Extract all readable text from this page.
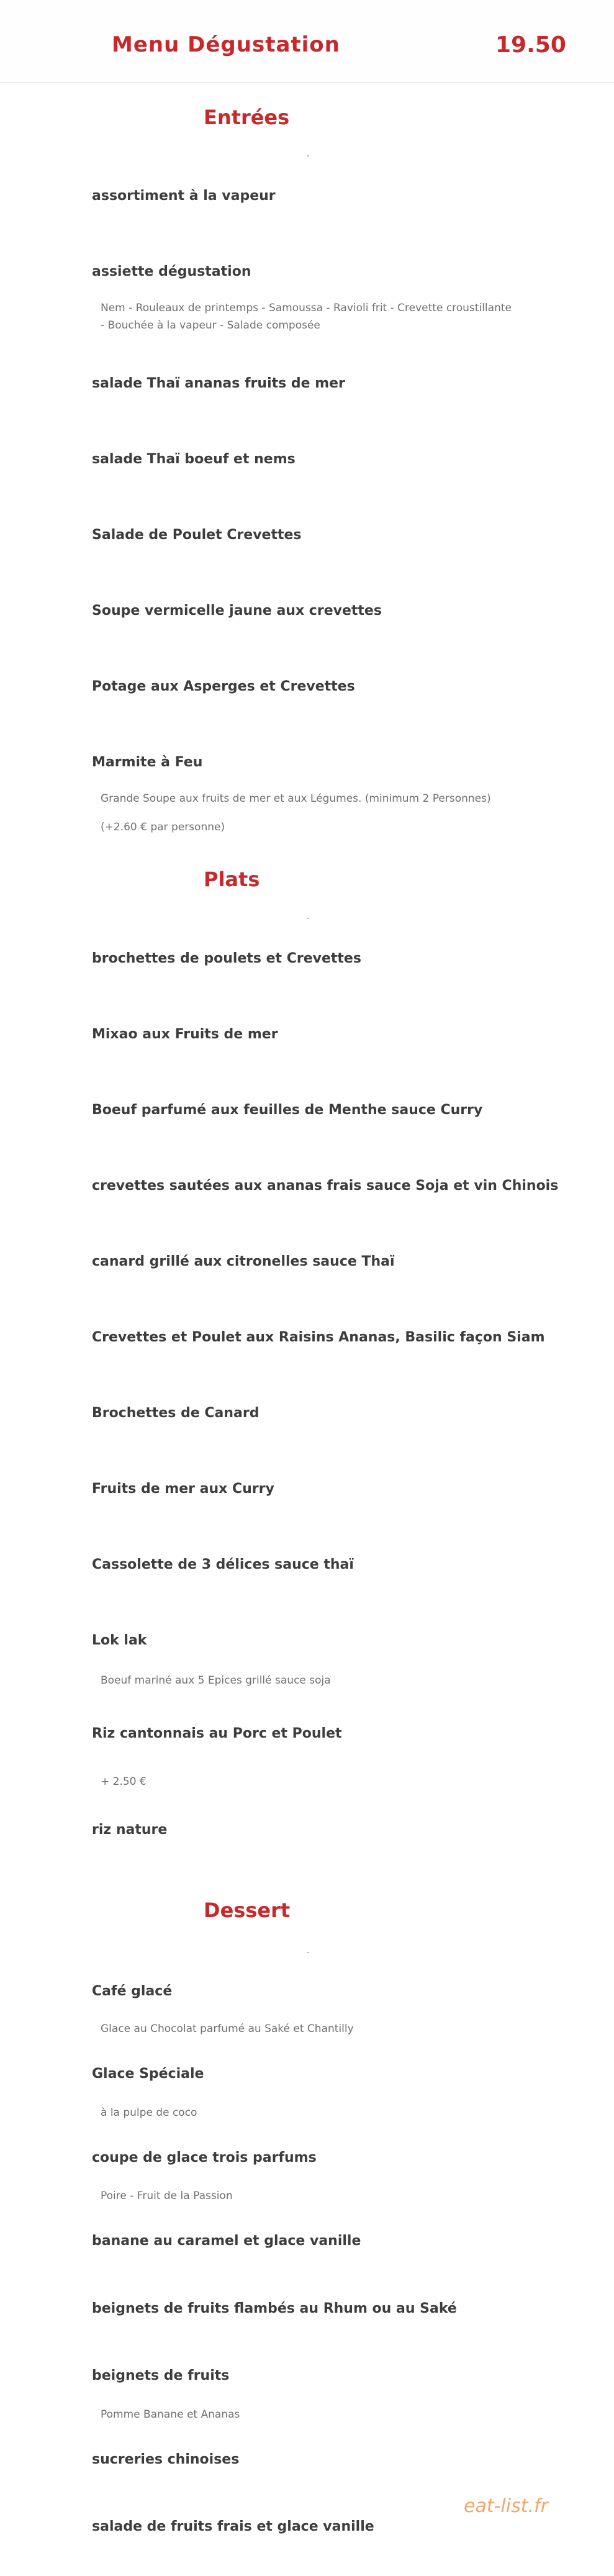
Menu Dégustation	19.50
Entrées
assortiment à la vapeur
assiette dégustation
Nem - Rouleaux de printemps - Samoussa - Ravioli frit - Crevette croustillante
- Bouchée à la vapeur - Salade composée
salade Thaï ananas fruits de mer
salade Thaï boeuf et nems
Salade de Poulet Crevettes
Soupe vermicelle jaune aux crevettes
Potage aux Asperges et Crevettes
Marmite à Feu
Grande Soupe aux fruits de mer et aux Légumes. (minimum 2 Personnes)
(+2.60 € par personne)
Plats
brochettes de poulets et Crevettes
Mixao aux Fruits de mer
Boeuf parfumé aux feuilles de Menthe sauce Curry
crevettes sautées aux ananas frais sauce Soja et vin Chinois
canard grillé aux citronelles sauce Thaï
Crevettes et Poulet aux Raisins Ananas, Basilic façon Siam
Brochettes de Canard
Fruits de mer aux Curry
Cassolette de 3 délices sauce thaï
Lok lak
Boeuf mariné aux 5 Epices grillé sauce soja
Riz cantonnais au Porc et Poulet
+ 2.50 €
riz nature
Dessert
Café glacé
Glace au Chocolat parfumé au Saké et Chantilly
Glace Spéciale
à la pulpe de coco
coupe de glace trois parfums
Poire - Fruit de la Passion
banane au caramel et glace vanille
beignets de fruits flambés au Rhum ou au Saké
beignets de fruits
Pomme Banane et Ananas
sucreries chinoises
salade de fruits frais et glace vanille
eat-list.fr
